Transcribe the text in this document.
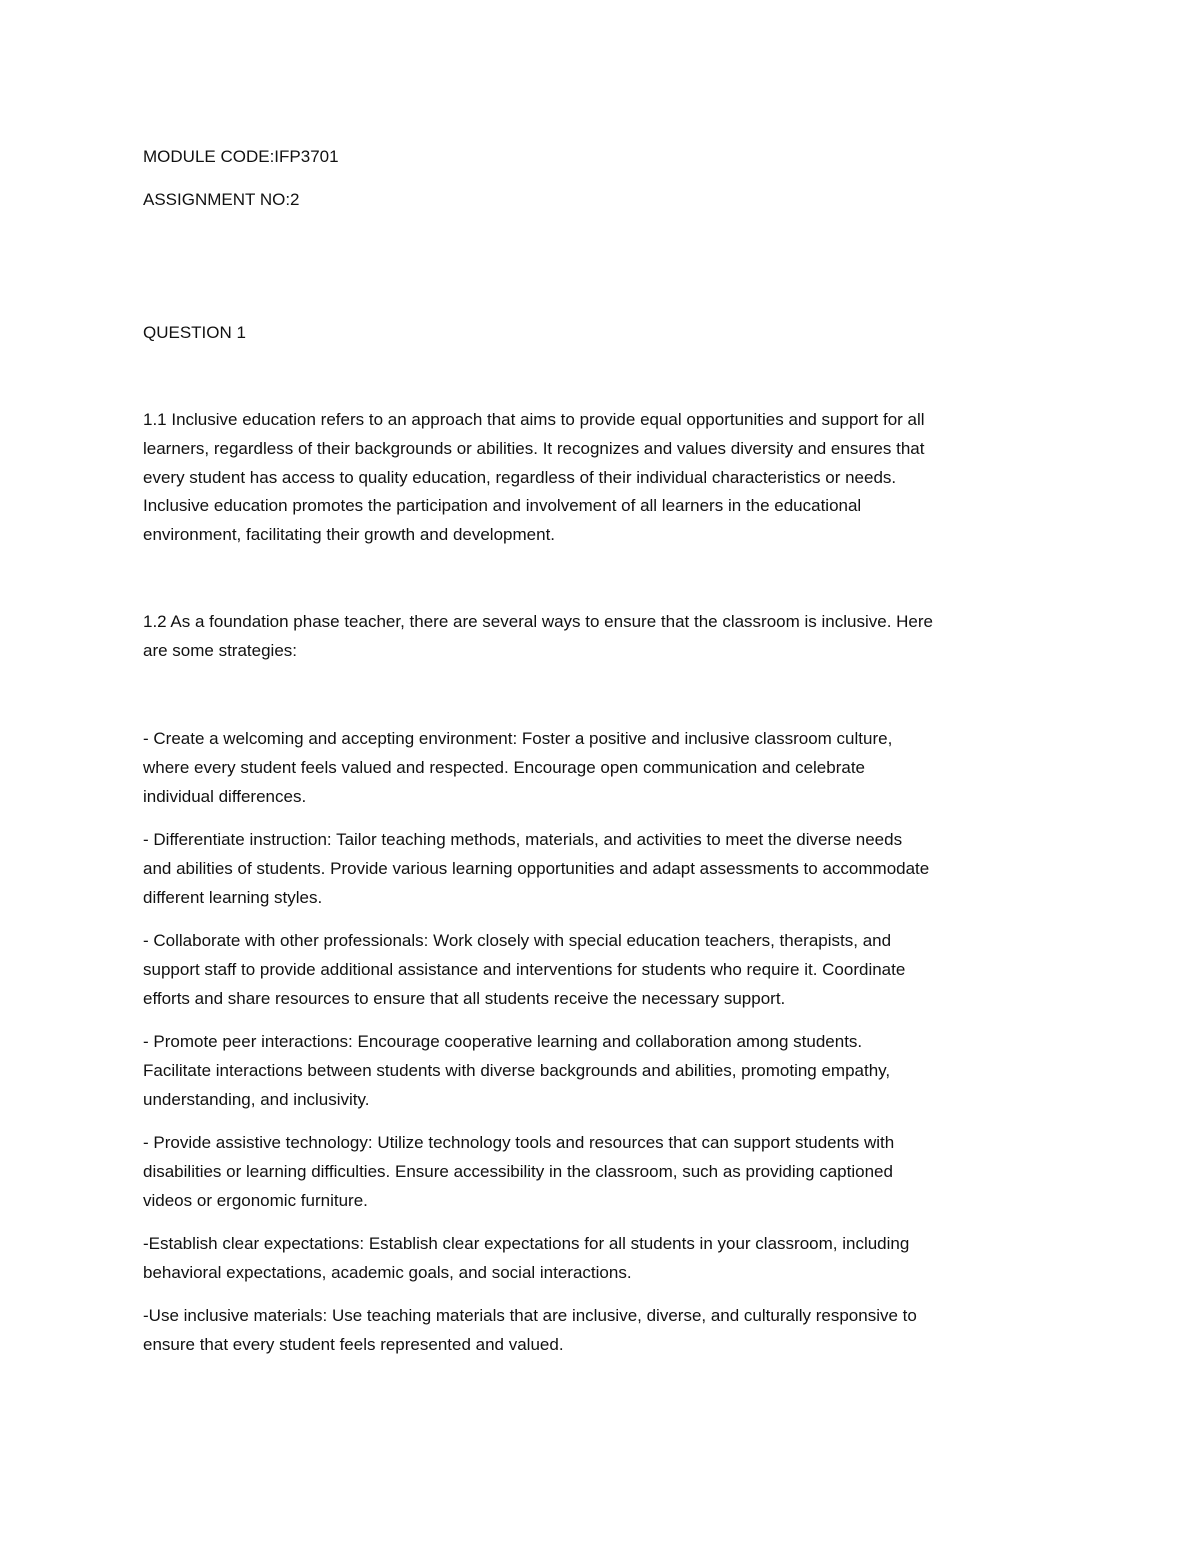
MODULE CODE:IFP3701
ASSIGNMENT NO:2
QUESTION 1
1.1 Inclusive education refers to an approach that aims to provide equal opportunities and support for all
learners, regardless of their backgrounds or abilities. It recognizes and values diversity and ensures that
every student has access to quality education, regardless of their individual characteristics or needs.
Inclusive education promotes the participation and involvement of all learners in the educational
environment, facilitating their growth and development.
1.2 As a foundation phase teacher, there are several ways to ensure that the classroom is inclusive. Here
are some strategies:
- Create a welcoming and accepting environment: Foster a positive and inclusive classroom culture,
where every student feels valued and respected. Encourage open communication and celebrate
individual differences.
- Differentiate instruction: Tailor teaching methods, materials, and activities to meet the diverse needs
and abilities of students. Provide various learning opportunities and adapt assessments to accommodate
different learning styles.
- Collaborate with other professionals: Work closely with special education teachers, therapists, and
support staff to provide additional assistance and interventions for students who require it. Coordinate
efforts and share resources to ensure that all students receive the necessary support.
- Promote peer interactions: Encourage cooperative learning and collaboration among students.
Facilitate interactions between students with diverse backgrounds and abilities, promoting empathy,
understanding, and inclusivity.
- Provide assistive technology: Utilize technology tools and resources that can support students with
disabilities or learning difficulties. Ensure accessibility in the classroom, such as providing captioned
videos or ergonomic furniture.
-Establish clear expectations: Establish clear expectations for all students in your classroom, including
behavioral expectations, academic goals, and social interactions.
-Use inclusive materials: Use teaching materials that are inclusive, diverse, and culturally responsive to
ensure that every student feels represented and valued.
